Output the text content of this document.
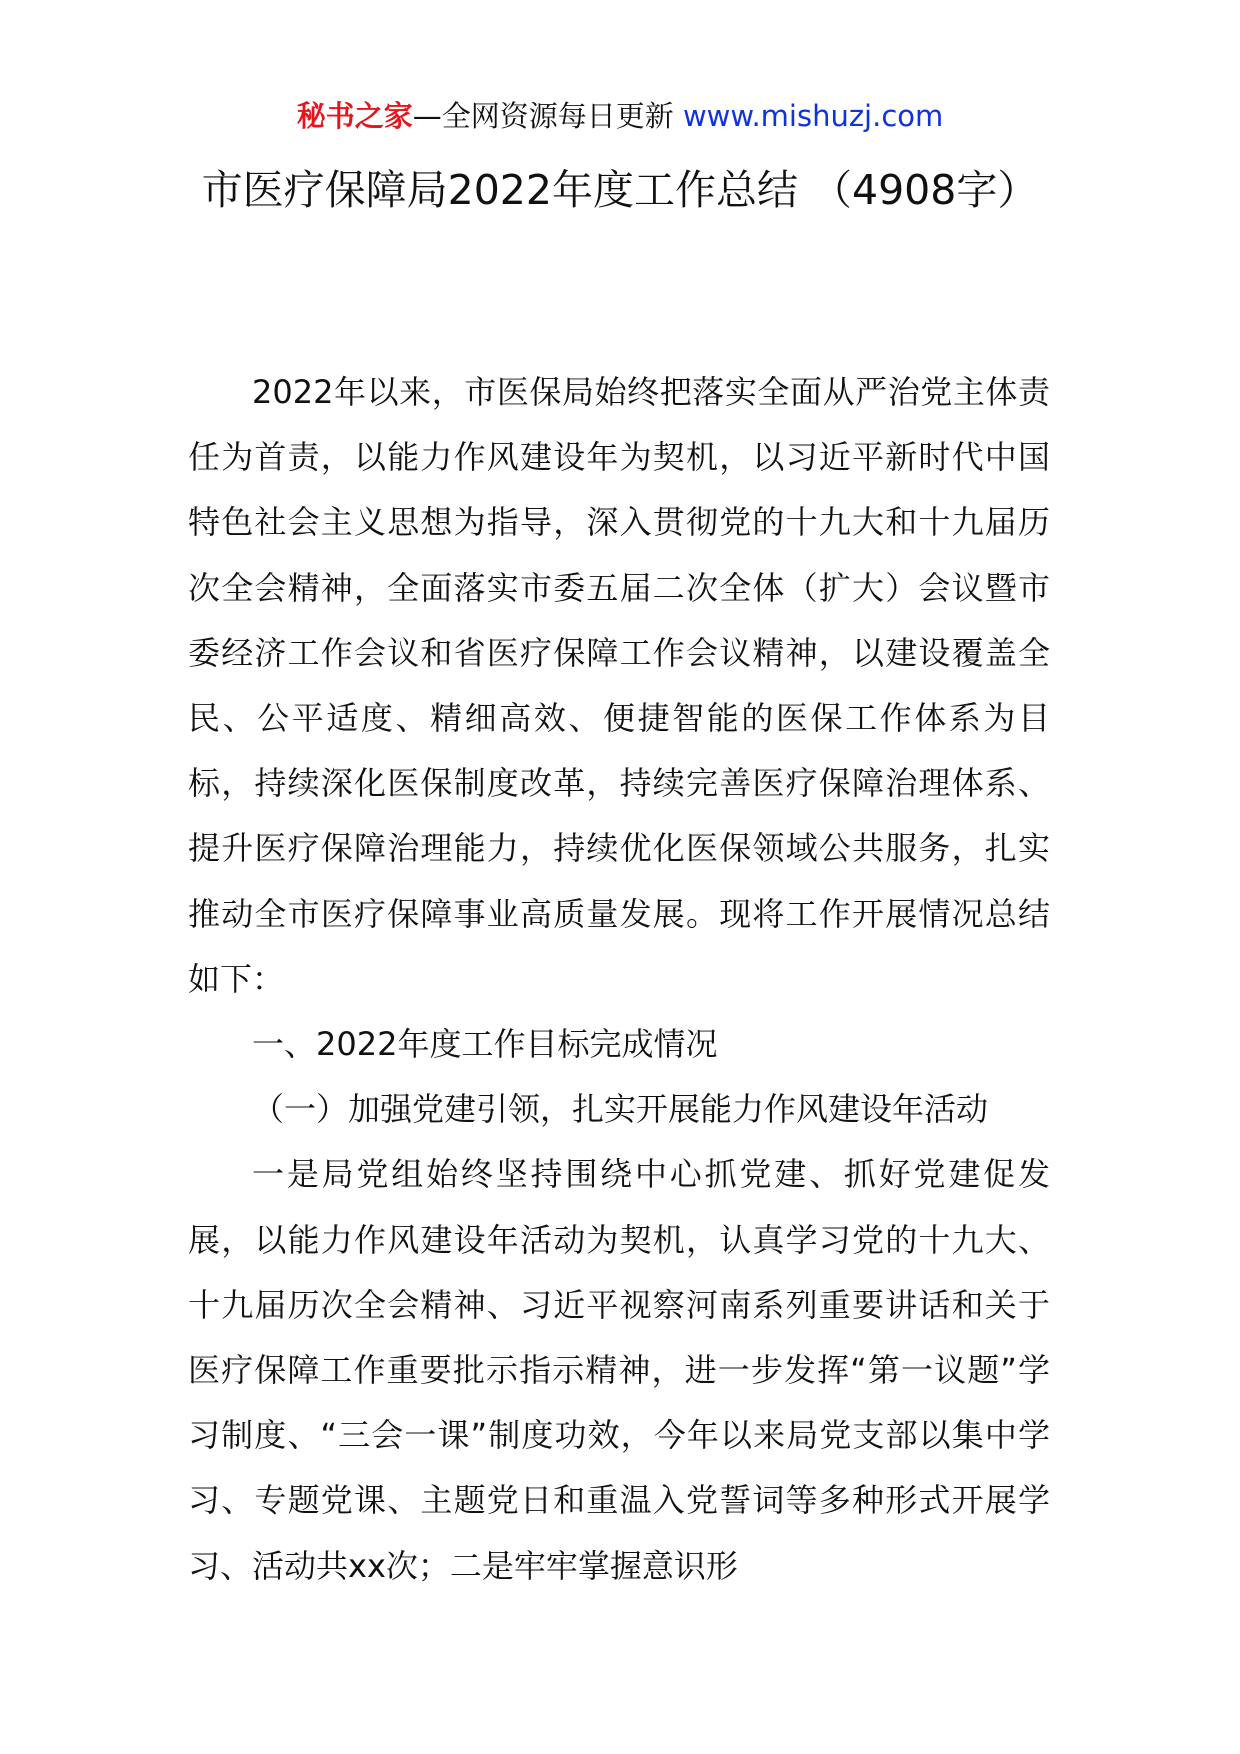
秘书之家—全网资源每日更新 www.mishuzj.com
市医疗保障局2022年度工作总结 （4908字）

2022年以来，市医保局始终把落实全面从严治党主体责任为首责，以能力作风建设年为契机，以习近平新时代中国特色社会主义思想为指导，深入贯彻党的十九大和十九届历次全会精神，全面落实市委五届二次全体（扩大）会议暨市委经济工作会议和省医疗保障工作会议精神，以建设覆盖全民、公平适度、精细高效、便捷智能的医保工作体系为目标，持续深化医保制度改革，持续完善医疗保障治理体系、提升医疗保障治理能力，持续优化医保领域公共服务，扎实推动全市医疗保障事业高质量发展。现将工作开展情况总结如下：

一、2022年度工作目标完成情况

（一）加强党建引领，扎实开展能力作风建设年活动

一是局党组始终坚持围绕中心抓党建、抓好党建促发展，以能力作风建设年活动为契机，认真学习党的十九大、十九届历次全会精神、习近平视察河南系列重要讲话和关于医疗保障工作重要批示指示精神，进一步发挥“第一议题”学习制度、“三会一课”制度功效，今年以来局党支部以集中学习、专题党课、主题党日和重温入党誓词等多种形式开展学习、活动共xx次；二是牢牢掌握意识形
